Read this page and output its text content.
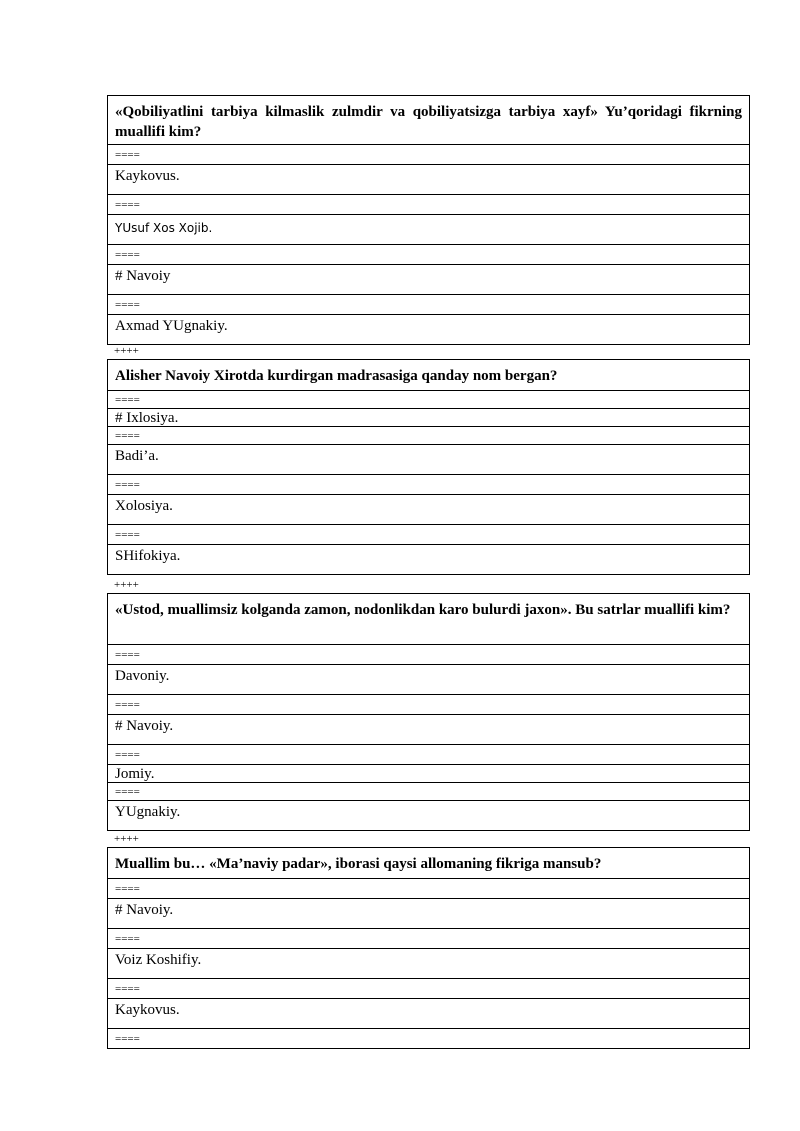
«Qobiliyatlini tarbiya kilmaslik zulmdir va qobiliyatsizga tarbiya xayf» Yu’qoridagi fikrning muallifi kim?
====
Kaykovus.
====
YUsuf Xos Xojib.
====
# Navoiy
====
Axmad YUgnakiy.
++++
Alisher Navoiy Xirotda kurdirgan madrasasiga qanday nom bergan?
====
# Ixlosiya.
====
Badi’a.
====
Xolosiya.
====
SHifokiya.
++++
«Ustod, muallimsiz kolganda zamon, nodonlikdan karo bulurdi jaxon». Bu satrlar muallifi kim?
====
Davoniy.
====
# Navoiy.
====
Jomiy.
====
YUgnakiy.
++++
Muallim bu… «Ma’naviy padar», iborasi qaysi allomaning fikriga mansub?
====
# Navoiy.
====
Voiz Koshifiy.
====
Kaykovus.
====
